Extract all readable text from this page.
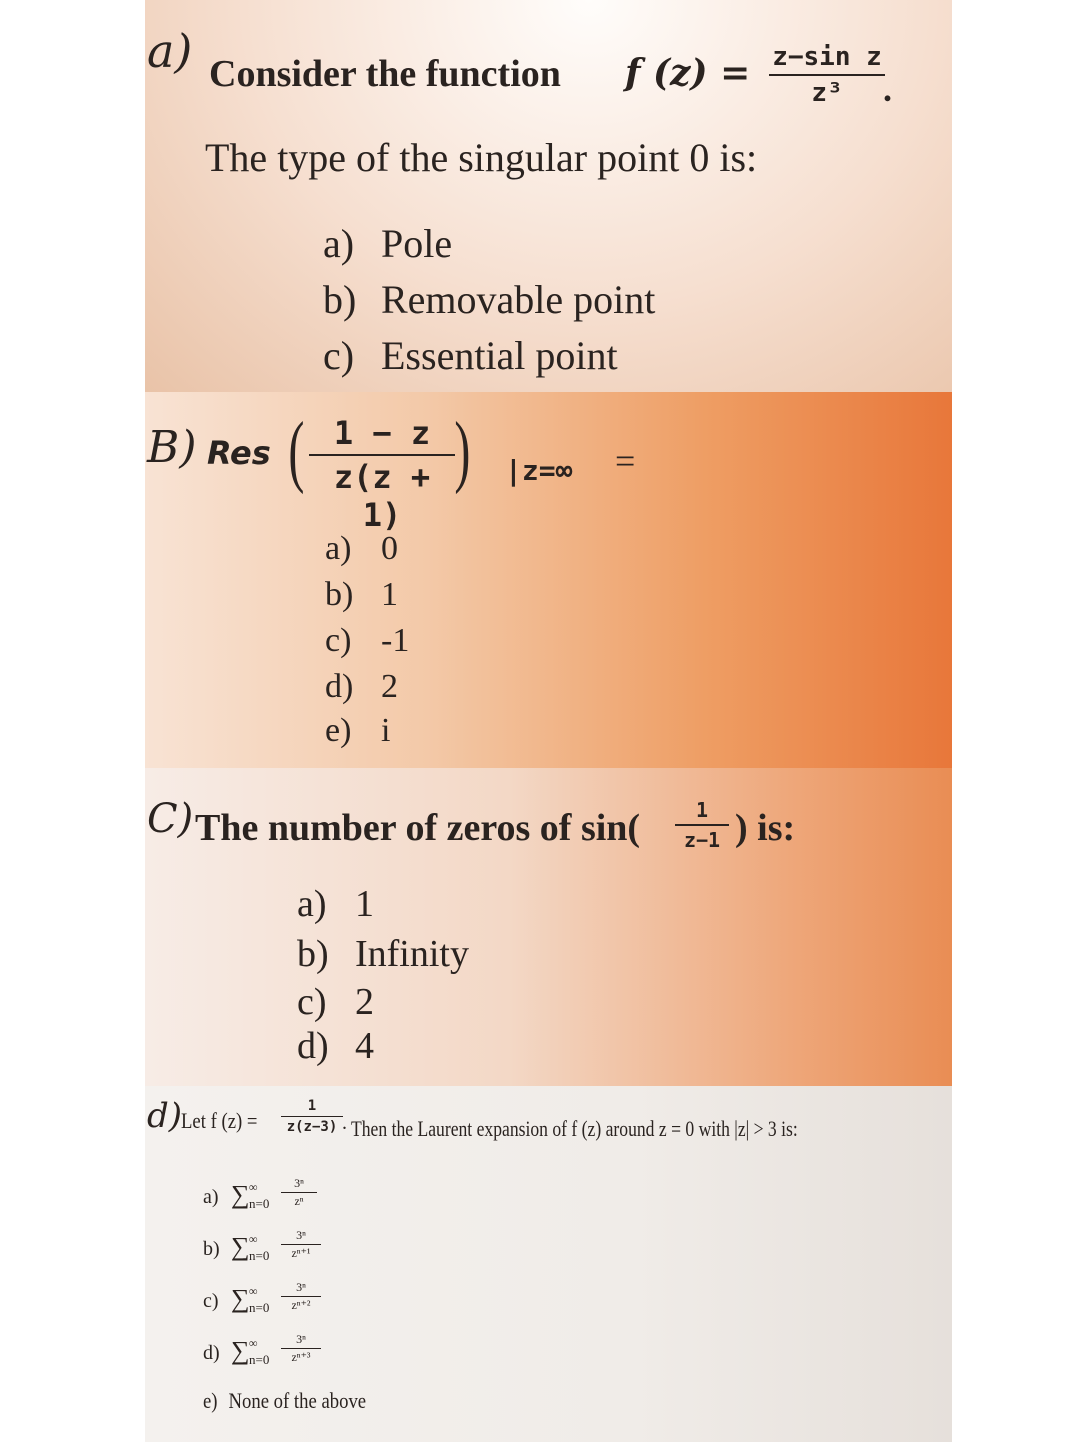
a) Consider the function f (z) = z−sin z
z³	.
The type of the singular point 0 is:
a) Pole
b) Removable point
c) Essential point
B) Res ( 1 − z
z(z + 1)
) |z=∞ =
a) 0
b) 1
c) -1
d) 2
e) i
C) The number of zeros of sin(	1
z−1 ) is:
a) 1
b) Infinity
c) 2
d) 4
d)
Let f (z) =
1
z(z−3) . Then the Laurent expansion of f (z) around z = 0 with |z| > 3 is:
a) ∑ ∞
n=0
3ⁿ
zⁿ
b) ∑ ∞
n=0
3ⁿ
zⁿ⁺¹
c) ∑ ∞
n=0
3ⁿ
zⁿ⁺²
d) ∑ ∞
n=0
3ⁿ
zⁿ⁺³
e) None of the above
